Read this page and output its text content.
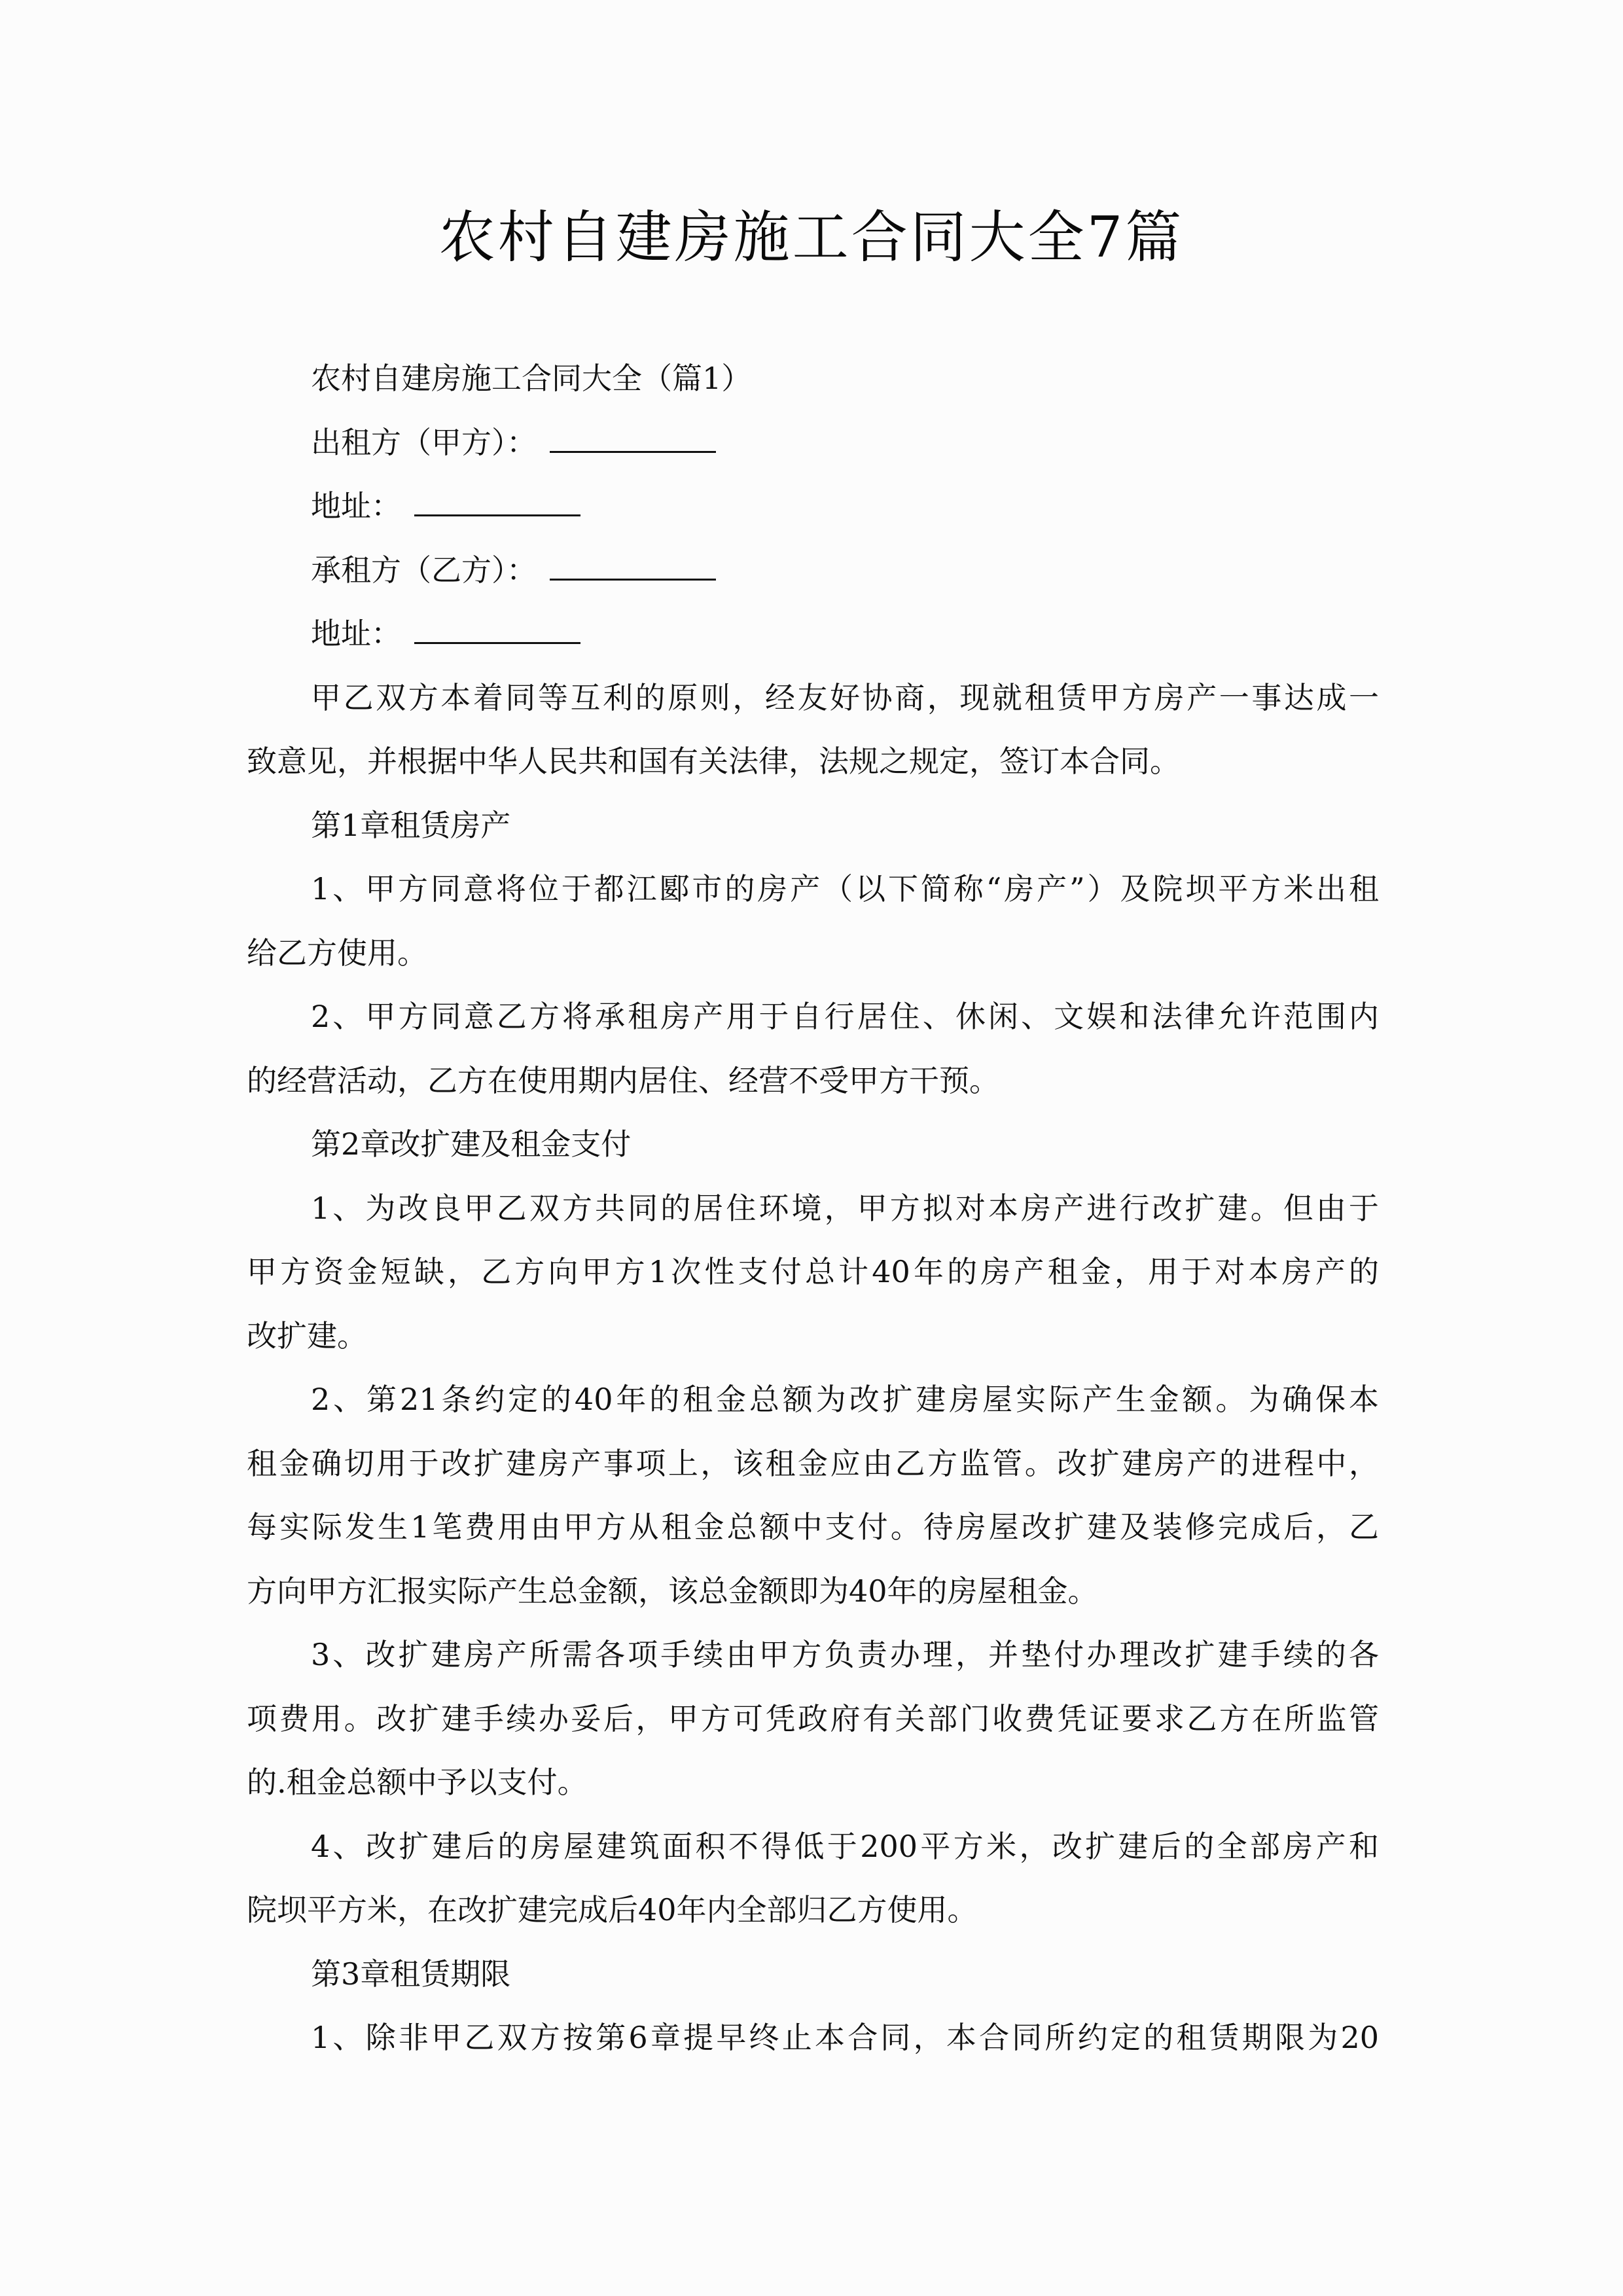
农村自建房施工合同大全7篇

农村自建房施工合同大全（篇1）

出租方（甲方）：

地址：

承租方（乙方）：

地址：

甲乙双方本着同等互利的原则，经友好协商，现就租赁甲方房产一事达成一

致意见，并根据中华人民共和国有关法律，法规之规定，签订本合同。

第1章租赁房产

1、甲方同意将位于都江郾市的房产（以下简称“房产”）及院坝平方米出租

给乙方使用。

2、甲方同意乙方将承租房产用于自行居住、休闲、文娱和法律允许范围内

的经营活动，乙方在使用期内居住、经营不受甲方干预。

第2章改扩建及租金支付

1、为改良甲乙双方共同的居住环境，甲方拟对本房产进行改扩建。但由于

甲方资金短缺，乙方向甲方1次性支付总计40年的房产租金，用于对本房产的

改扩建。

2、第21条约定的40年的租金总额为改扩建房屋实际产生金额。为确保本

租金确切用于改扩建房产事项上，该租金应由乙方监管。改扩建房产的进程中，

每实际发生1笔费用由甲方从租金总额中支付。待房屋改扩建及装修完成后，乙

方向甲方汇报实际产生总金额，该总金额即为40年的房屋租金。

3、改扩建房产所需各项手续由甲方负责办理，并垫付办理改扩建手续的各

项费用。改扩建手续办妥后，甲方可凭政府有关部门收费凭证要求乙方在所监管

的.租金总额中予以支付。

4、改扩建后的房屋建筑面积不得低于200平方米，改扩建后的全部房产和

院坝平方米，在改扩建完成后40年内全部归乙方使用。

第3章租赁期限

1、除非甲乙双方按第6章提早终止本合同，本合同所约定的租赁期限为20
